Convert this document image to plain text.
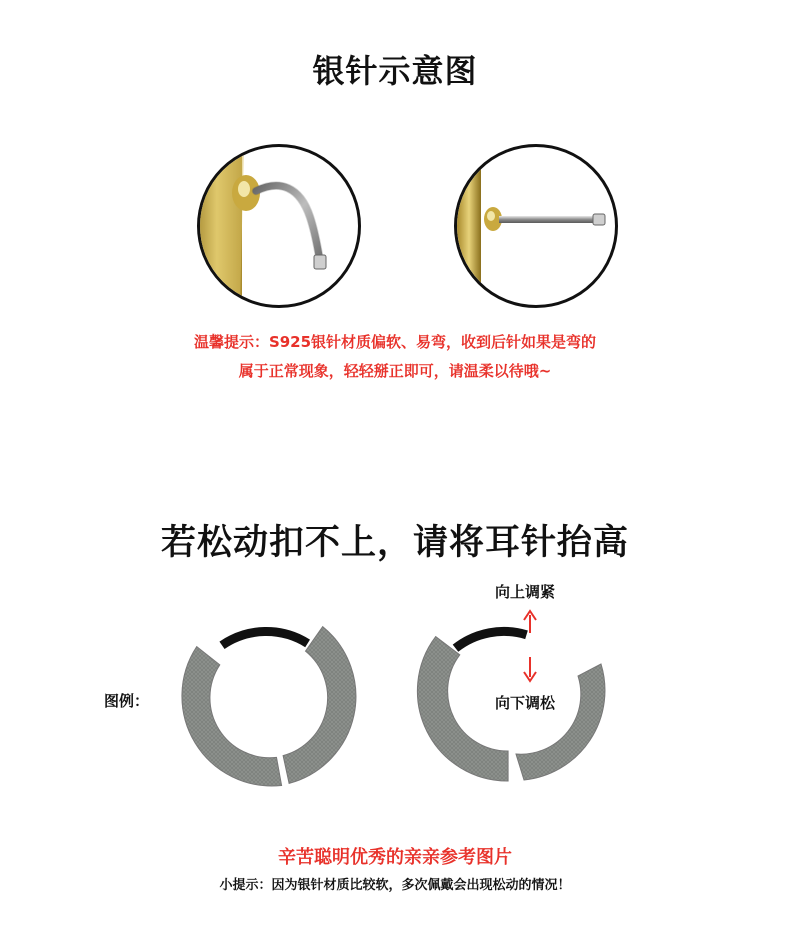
银针示意图
温馨提示：S925银针材质偏软、易弯，收到后针如果是弯的
属于正常现象，轻轻掰正即可，请温柔以待哦~
若松动扣不上，请将耳针抬高
图例：
向上调紧
向下调松
辛苦聪明优秀的亲亲参考图片
小提示：因为银针材质比较软，多次佩戴会出现松动的情况！
